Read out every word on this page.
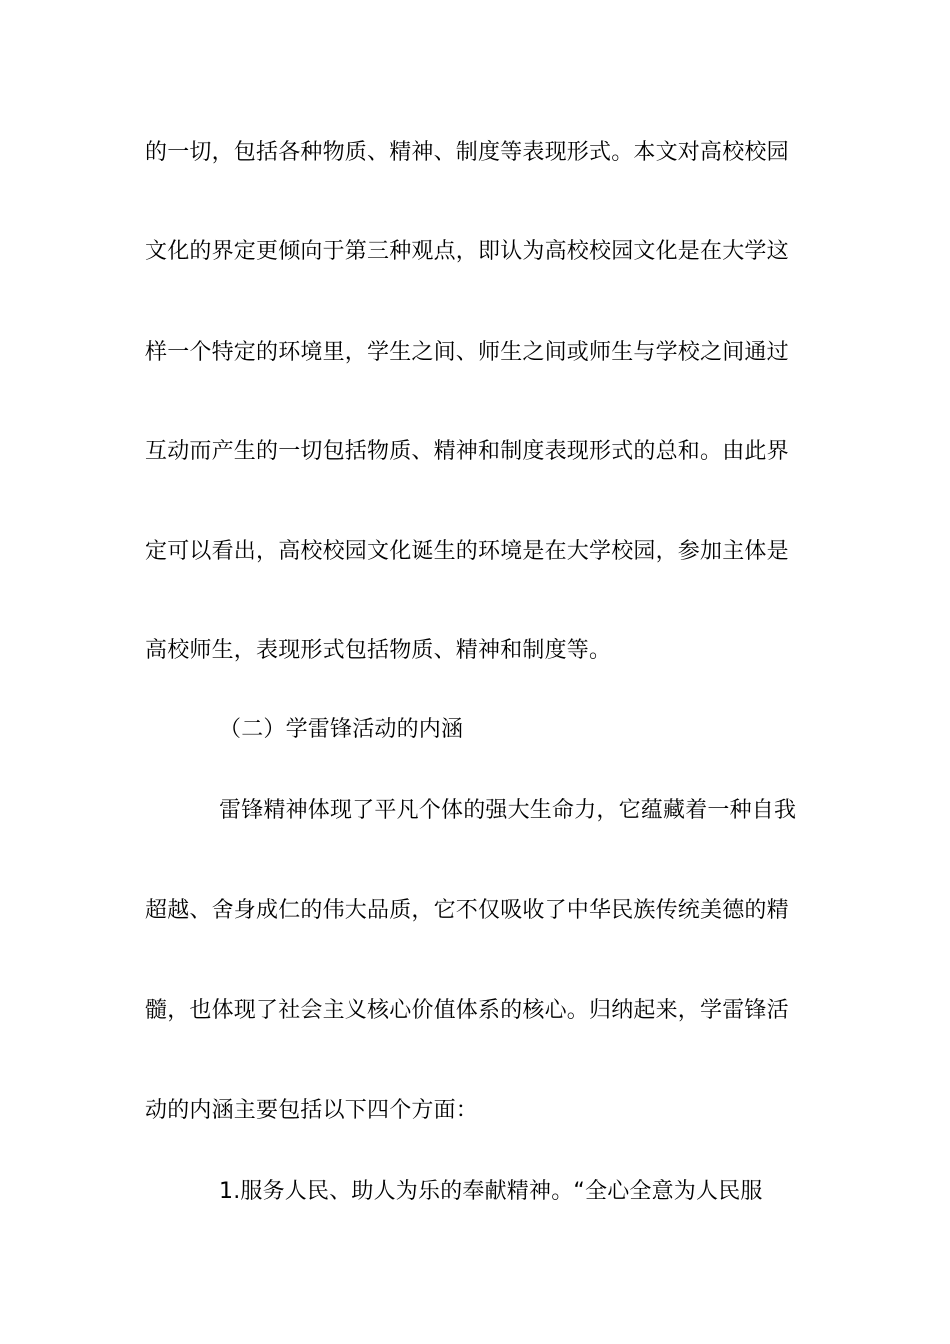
的一切，包括各种物质、精神、制度等表现形式。本文对高校校园
文化的界定更倾向于第三种观点，即认为高校校园文化是在大学这
样一个特定的环境里，学生之间、师生之间或师生与学校之间通过
互动而产生的一切包括物质、精神和制度表现形式的总和。由此界
定可以看出，高校校园文化诞生的环境是在大学校园，参加主体是
高校师生，表现形式包括物质、精神和制度等。
（二）学雷锋活动的内涵
雷锋精神体现了平凡个体的强大生命力，它蕴藏着一种自我
超越、舍身成仁的伟大品质，它不仅吸收了中华民族传统美德的精
髓，也体现了社会主义核心价值体系的核心。归纳起来，学雷锋活
动的内涵主要包括以下四个方面：
1.服务人民、助人为乐的奉献精神。“全心全意为人民服
